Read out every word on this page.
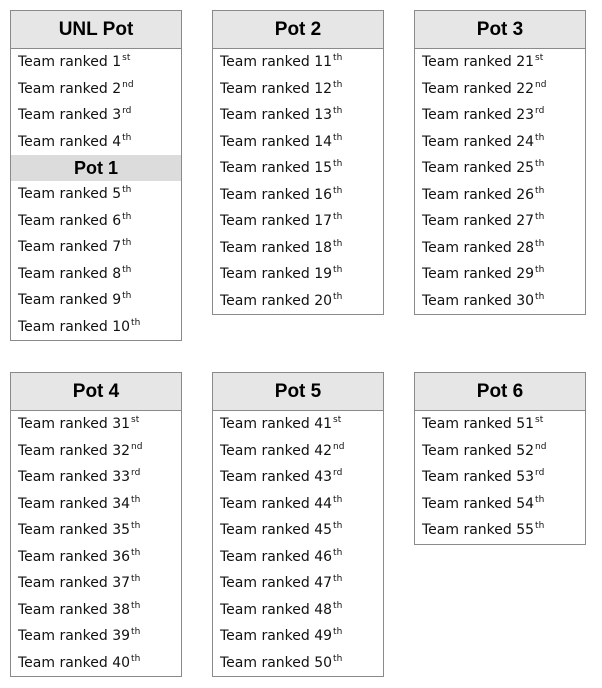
UNL Pot
Team ranked 1st
Team ranked 2nd
Team ranked 3rd
Team ranked 4th
Pot 1
Team ranked 5th
Team ranked 6th
Team ranked 7th
Team ranked 8th
Team ranked 9th
Team ranked 10th
Pot 2
Team ranked 11th
Team ranked 12th
Team ranked 13th
Team ranked 14th
Team ranked 15th
Team ranked 16th
Team ranked 17th
Team ranked 18th
Team ranked 19th
Team ranked 20th
Pot 3
Team ranked 21st
Team ranked 22nd
Team ranked 23rd
Team ranked 24th
Team ranked 25th
Team ranked 26th
Team ranked 27th
Team ranked 28th
Team ranked 29th
Team ranked 30th
Pot 4
Team ranked 31st
Team ranked 32nd
Team ranked 33rd
Team ranked 34th
Team ranked 35th
Team ranked 36th
Team ranked 37th
Team ranked 38th
Team ranked 39th
Team ranked 40th
Pot 5
Team ranked 41st
Team ranked 42nd
Team ranked 43rd
Team ranked 44th
Team ranked 45th
Team ranked 46th
Team ranked 47th
Team ranked 48th
Team ranked 49th
Team ranked 50th
Pot 6
Team ranked 51st
Team ranked 52nd
Team ranked 53rd
Team ranked 54th
Team ranked 55th
